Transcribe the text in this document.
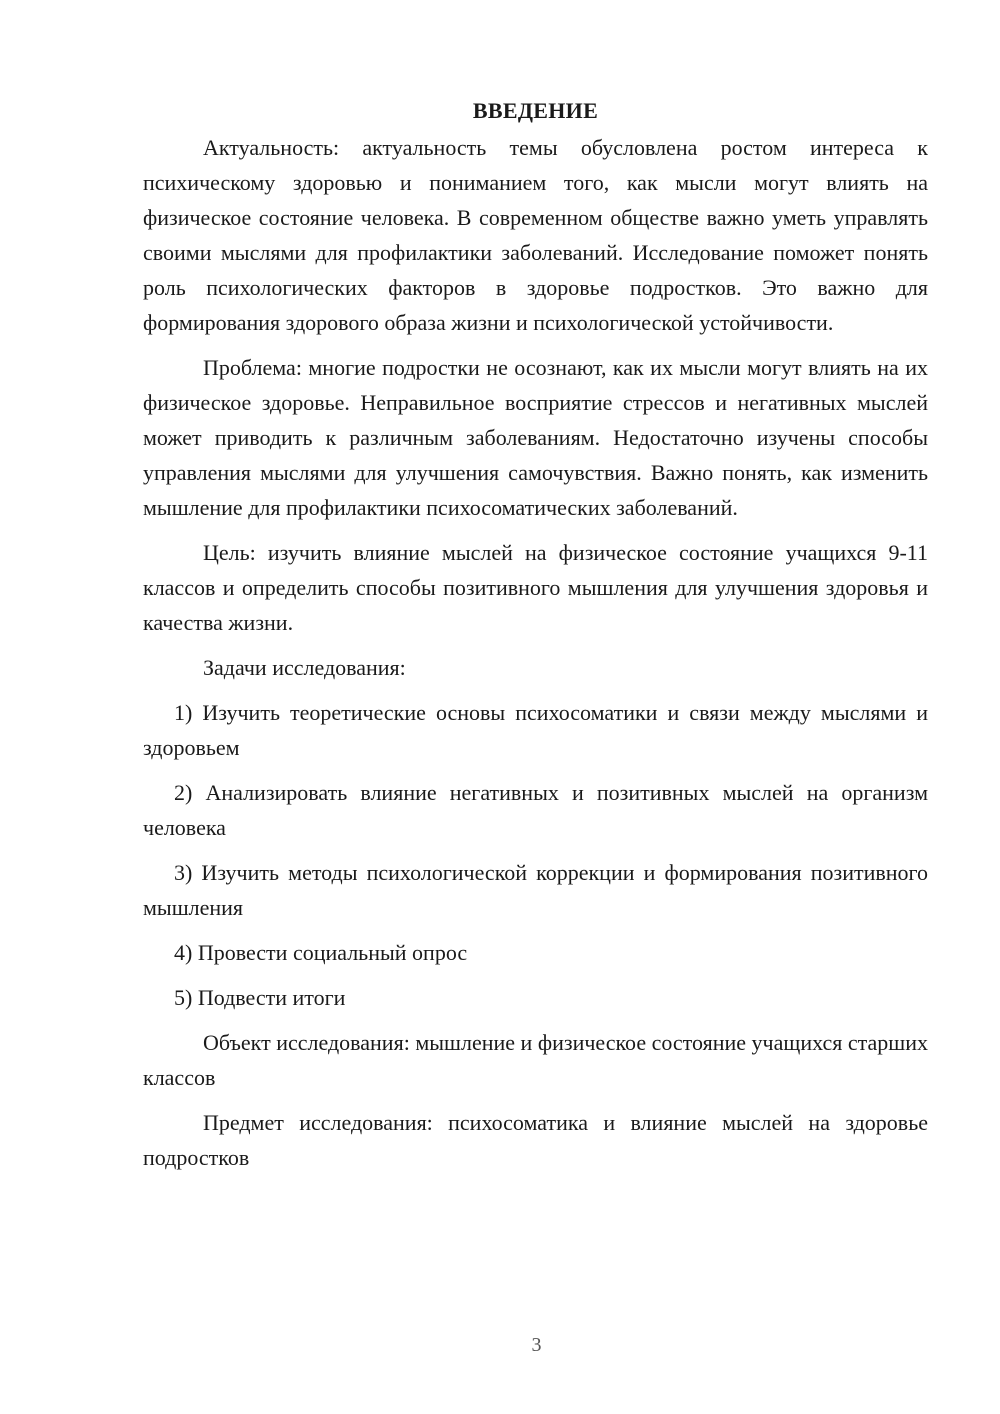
ВВЕДЕНИЕ

Актуальность: актуальность темы обусловлена ростом интереса к психическому здоровью и пониманием того, как мысли могут влиять на физическое состояние человека. В современном обществе важно уметь управлять своими мыслями для профилактики заболеваний. Исследование поможет понять роль психологических факторов в здоровье подростков. Это важно для формирования здорового образа жизни и психологической устойчивости.

Проблема: многие подростки не осознают, как их мысли могут влиять на их физическое здоровье. Неправильное восприятие стрессов и негативных мыслей может приводить к различным заболеваниям. Недостаточно изучены способы управления мыслями для улучшения самочувствия. Важно понять, как изменить мышление для профилактики психосоматических заболеваний.

Цель: изучить влияние мыслей на физическое состояние учащихся 9-11 классов и определить способы позитивного мышления для улучшения здоровья и качества жизни.

Задачи исследования:

1) Изучить теоретические основы психосоматики и связи между мыслями и здоровьем

2) Анализировать влияние негативных и позитивных мыслей на организм человека

3) Изучить методы психологической коррекции и формирования позитивного мышления

4) Провести социальный опрос

5) Подвести итоги

Объект исследования: мышление и физическое состояние учащихся старших классов

Предмет исследования: психосоматика и влияние мыслей на здоровье подростков

3
